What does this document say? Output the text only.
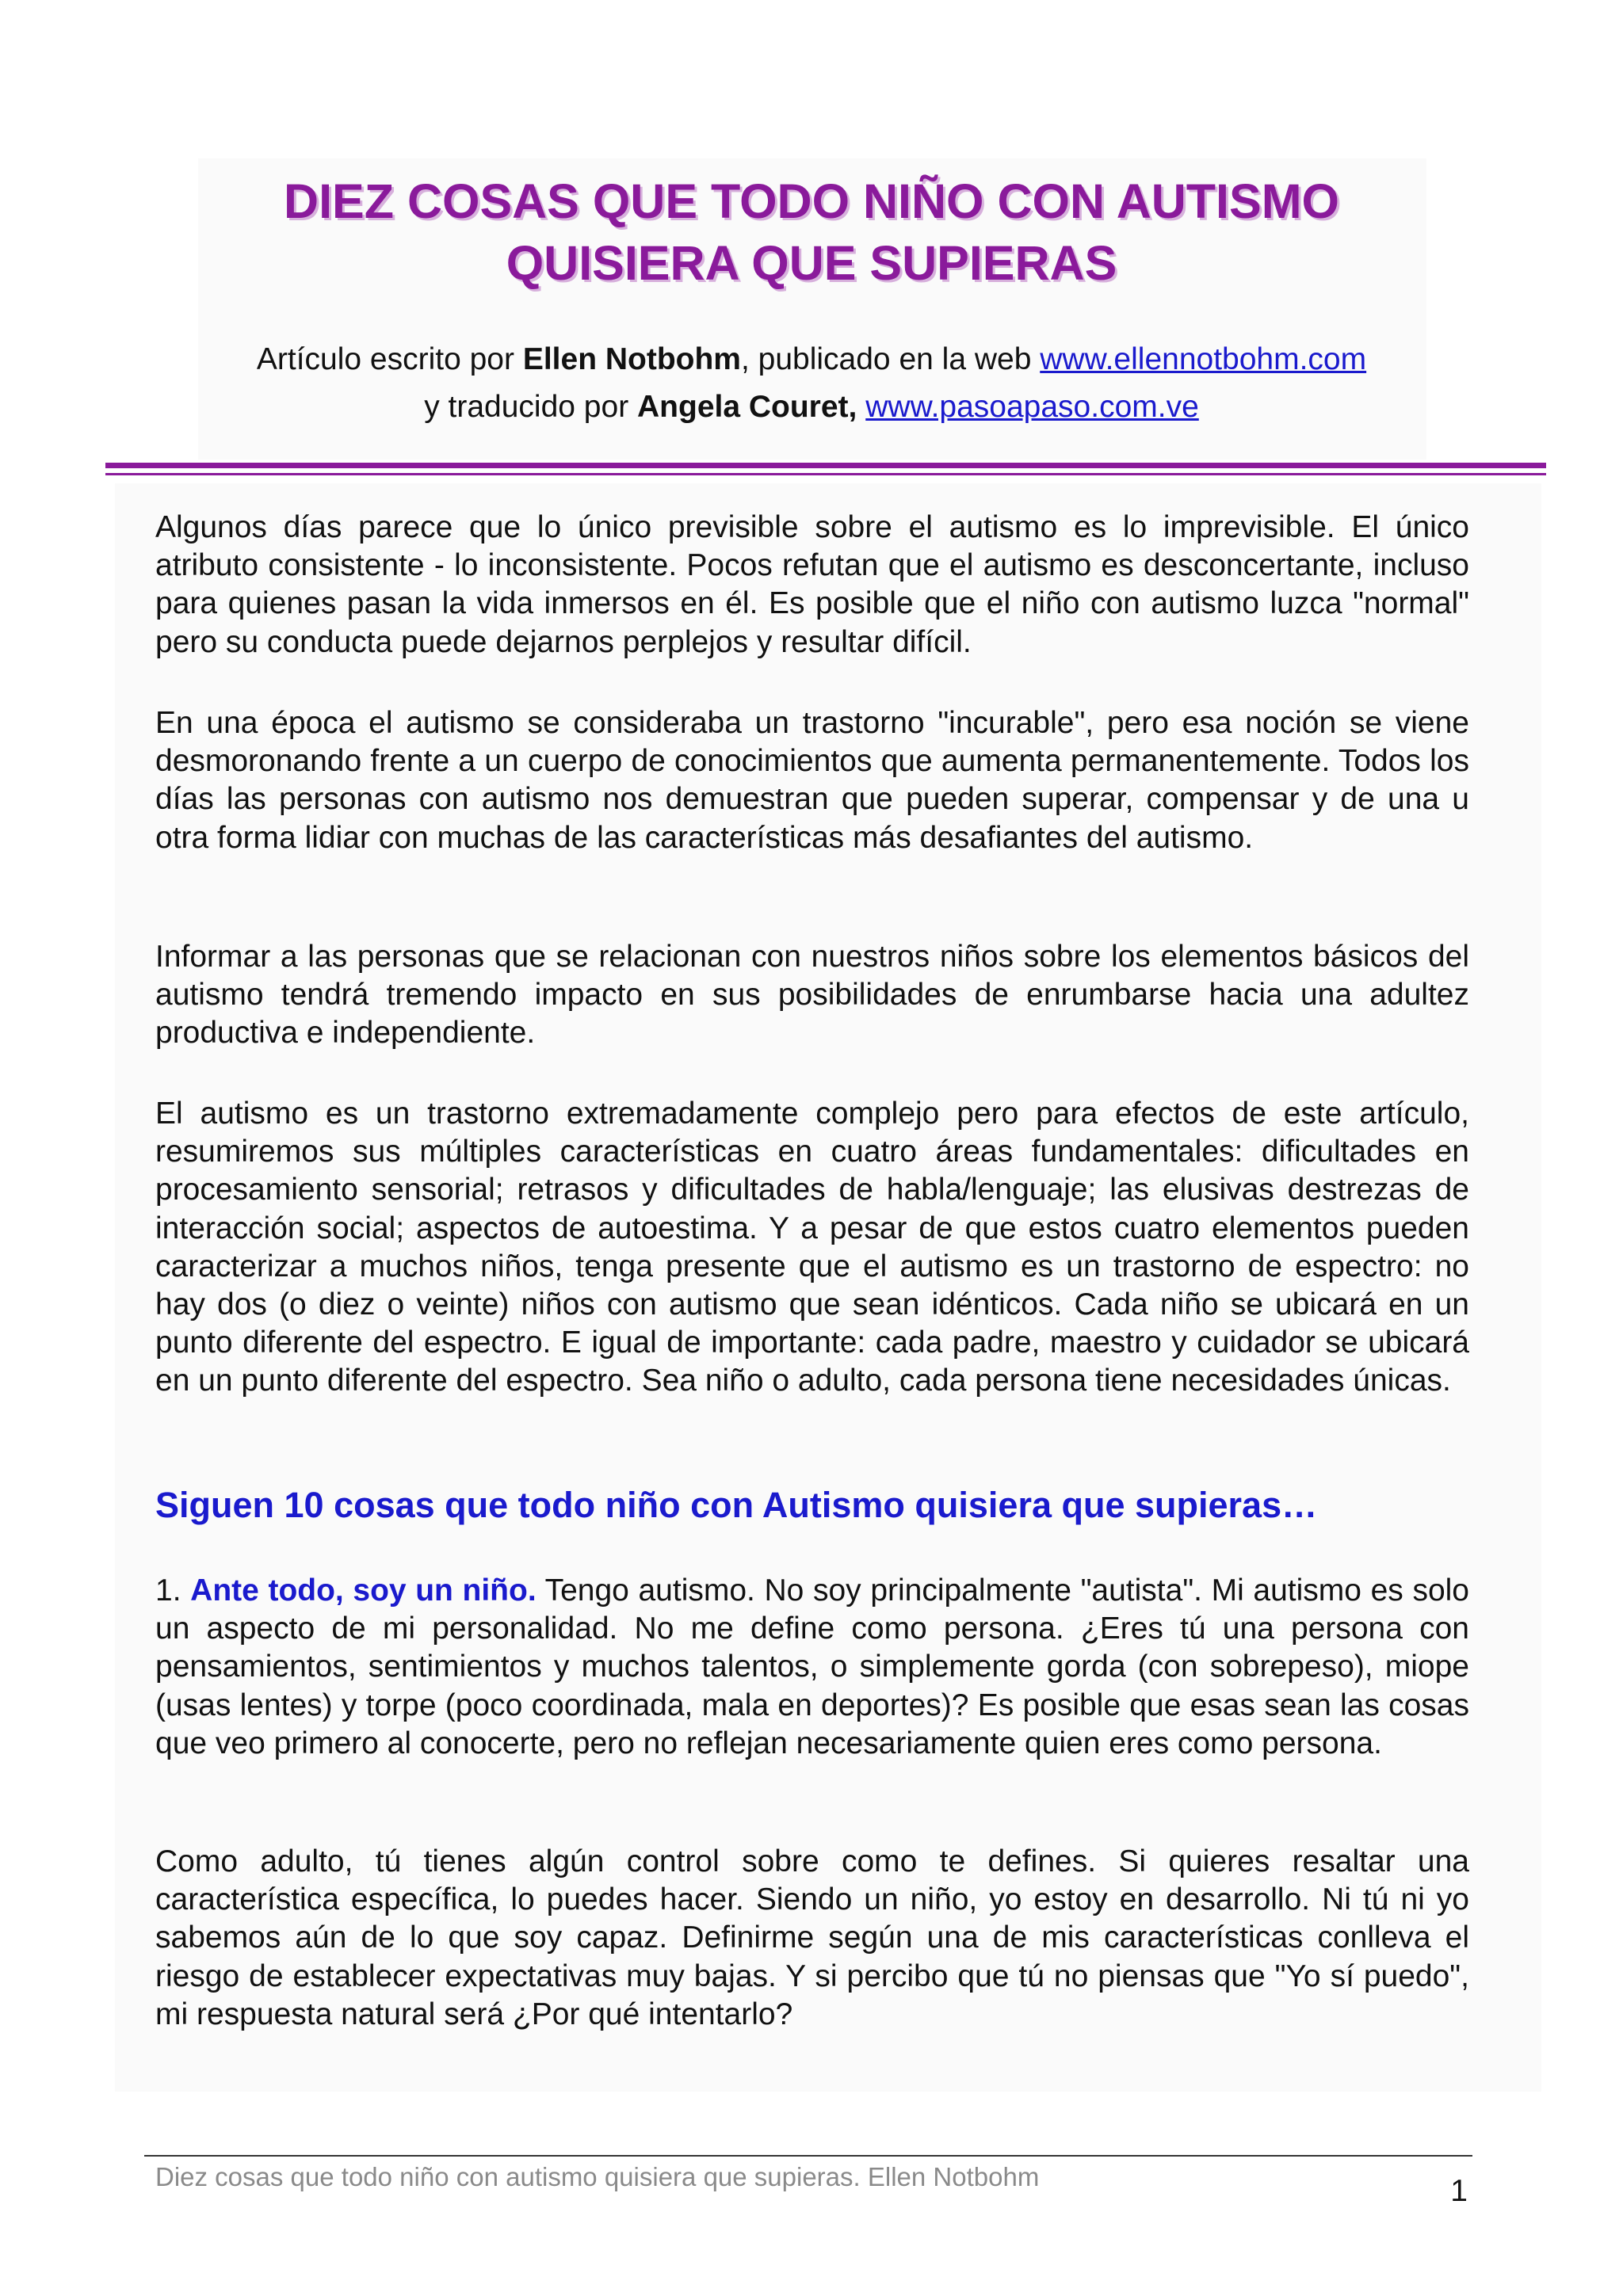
DIEZ COSAS QUE TODO NIÑO CON AUTISMO
QUISIERA QUE SUPIERAS

Artículo escrito por Ellen Notbohm, publicado en la web www.ellennotbohm.com
y traducido por Angela Couret, www.pasoapaso.com.ve

Algunos días parece que lo único previsible sobre el autismo es lo imprevisible. El único atributo consistente - lo inconsistente. Pocos refutan que el autismo es desconcertante, incluso para quienes pasan la vida inmersos en él. Es posible que el niño con autismo luzca "normal" pero su conducta puede dejarnos perplejos y resultar difícil.

En una época el autismo se consideraba un trastorno "incurable", pero esa noción se viene desmoronando frente a un cuerpo de conocimientos que aumenta permanentemente. Todos los días las personas con autismo nos demuestran que pueden superar, compensar y de una u otra forma lidiar con muchas de las características más desafiantes del autismo.

Informar a las personas que se relacionan con nuestros niños sobre los elementos básicos del autismo tendrá tremendo impacto en sus posibilidades de enrumbarse hacia una adultez productiva e independiente.

El autismo es un trastorno extremadamente complejo pero para efectos de este artículo, resumiremos sus múltiples características en cuatro áreas fundamentales: dificultades en procesamiento sensorial; retrasos y dificultades de habla/lenguaje; las elusivas destrezas de interacción social; aspectos de autoestima. Y a pesar de que estos cuatro elementos pueden caracterizar a muchos niños, tenga presente que el autismo es un trastorno de espectro: no hay dos (o diez o veinte) niños con autismo que sean idénticos. Cada niño se ubicará en un punto diferente del espectro. E igual de importante: cada padre, maestro y cuidador se ubicará en un punto diferente del espectro. Sea niño o adulto, cada persona tiene necesidades únicas.

Siguen 10 cosas que todo niño con Autismo quisiera que supieras…

1. Ante todo, soy un niño. Tengo autismo. No soy principalmente "autista". Mi autismo es solo un aspecto de mi personalidad. No me define como persona. ¿Eres tú una persona con pensamientos, sentimientos y muchos talentos, o simplemente gorda (con sobrepeso), miope (usas lentes) y torpe (poco coordinada, mala en deportes)? Es posible que esas sean las cosas que veo primero al conocerte, pero no reflejan necesariamente quien eres como persona.

Como adulto, tú tienes algún control sobre como te defines. Si quieres resaltar una característica específica, lo puedes hacer. Siendo un niño, yo estoy en desarrollo. Ni tú ni yo sabemos aún de lo que soy capaz. Definirme según una de mis características conlleva el riesgo de establecer expectativas muy bajas. Y si percibo que tú no piensas que "Yo sí puedo", mi respuesta natural será ¿Por qué intentarlo?

Diez cosas que todo niño con autismo quisiera que supieras. Ellen Notbohm	1
